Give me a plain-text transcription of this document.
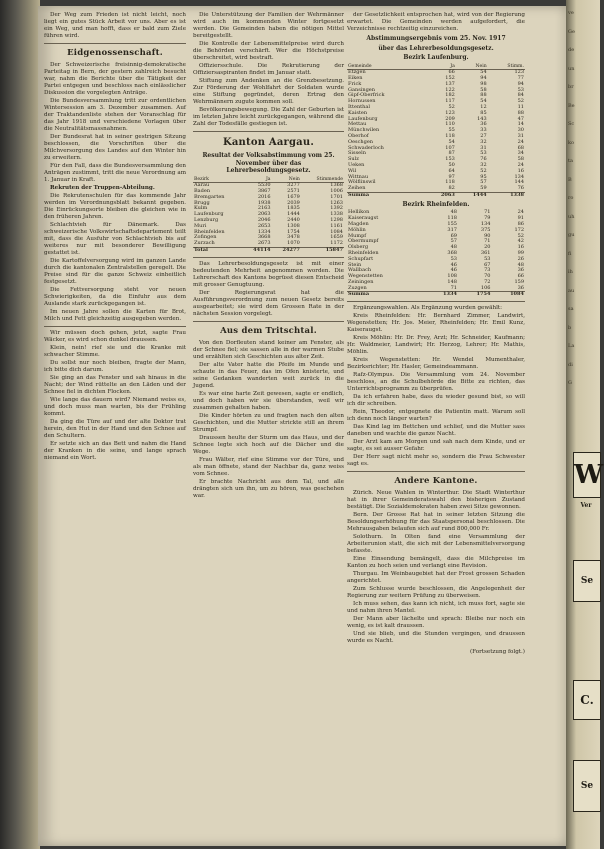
Der Weg zum Frieden ist nicht leicht, noch liegt ein gutes Stück Arbeit vor uns. Aber es ist ein Weg, und man hofft, dass er bald zum Ziele führen wird.

Eidgenossenschaft.

Der Schweizerische freisinnig-demokratische Parteitag in Bern, der gestern zahlreich besucht war, nahm die Berichte über die Tätigkeit der Partei entgegen und beschloss nach einlässlicher Diskussion die vorgelegten Anträge.

Die Bundesversammlung tritt zur ordentlichen Wintersession am 3. Dezember zusammen. Auf der Traktandenliste stehen der Voranschlag für das Jahr 1918 und verschiedene Vorlagen über die Neutralitätsmassnahmen.

Der Bundesrat hat in seiner gestrigen Sitzung beschlossen, die Vorschriften über die Milchversorgung des Landes auf den Winter hin zu erweitern.

Für den Fall, dass die Bundesversammlung den Anträgen zustimmt, tritt die neue Verordnung am 1. Januar in Kraft.

Rekruten der Truppen-Abteilung.

Die Rekrutenschulen für das kommende Jahr werden im Verordnungsblatt bekannt gegeben. Die Einrückungsorte bleiben die gleichen wie in den früheren Jahren.

Schlachtvieh für Dänemark. Das schweizerische Volkswirtschaftsdepartement teilt mit, dass die Ausfuhr von Schlachtvieh bis auf weiteres nur mit besonderer Bewilligung gestattet ist.

Die Kartoffelversorgung wird im ganzen Lande durch die kantonalen Zentralstellen geregelt. Die Preise sind für die ganze Schweiz einheitlich festgesetzt.

Die Fettversorgung steht vor neuen Schwierigkeiten, da die Einfuhr aus dem Auslande stark zurückgegangen ist.

Im neuen Jahre sollen die Karten für Brot, Milch und Fett gleichzeitig ausgegeben werden.

Wir müssen doch gehen, jetzt, sagte Frau Wäcker, es wird schon dunkel draussen.

Klein, nein! rief sie und die Kranke mit schwacher Stimme.

Du sollst nur noch bleiben, fragte der Mann, ich bitte dich darum.

Sie ging an das Fenster und sah hinaus in die Nacht; der Wind rüttelte an den Läden und der Schnee fiel in dichten Flocken.

Wie lange das dauern wird? Niemand weiss es, und doch muss man warten, bis der Frühling kommt.

Da ging die Türe auf und der alte Doktor trat herein, den Hut in der Hand und den Schnee auf den Schultern.

Er setzte sich an das Bett und nahm die Hand der Kranken in die seine, und lange sprach niemand ein Wort.

Die Unterstützung der Familien der Wehrmänner wird auch im kommenden Winter fortgesetzt werden. Die Gemeinden haben die nötigen Mittel bereitgestellt.

Die Kontrolle der Lebensmittelpreise wird durch die Behörden verschärft. Wer die Höchstpreise überschreitet, wird bestraft.

Offiziersschule. Die Rekrutierung der Offiziersaspiranten findet im Januar statt.

Stiftung zum Andenken an die Grenzbesetzung. Zur Förderung der Wohlfahrt der Soldaten wurde eine Stiftung gegründet, deren Ertrag den Wehrmännern zugute kommen soll.

Bevölkerungsbewegung. Die Zahl der Geburten ist im letzten Jahre leicht zurückgegangen, während die Zahl der Todesfälle gestiegen ist.

Kanton Aargau.
Resultat der Volksabstimmung vom 25. November über das Lehrerbesoldungsgesetz.
Bezirk	Ja	Nein	Stimmende
Aarau	5530	3277	1368
Baden	3867	2571	1006
Bremgarten	2016	1679	1701
Brugg	1938	2039	1263
Kulm	2163	1835	1392
Laufenburg	2063	1444	1338
Lenzburg	2046	2440	1298
Muri	2653	1308	1161
Rheinfelden	1334	1754	1084
Zofingen	3668	3478	1659
Zurzach	2673	1070	1172
Total	44114	24277	15847

Das Lehrerbesoldungsgesetz ist mit einer bedeutenden Mehrheit angenommen worden. Die Lehrerschaft des Kantons begrüsst diesen Entscheid mit grosser Genugtuung.

Der Regierungsrat hat die Ausführungsverordnung zum neuen Gesetz bereits ausgearbeitet; sie wird dem Grossen Rate in der nächsten Session vorgelegt.

Aus dem Tritschtal.

Von den Dorfleuten stand keiner am Fenster, als der Schnee fiel; sie sassen alle in der warmen Stube und erzählten sich Geschichten aus alter Zeit.

Der alte Vater hatte die Pfeife im Munde und schaute in das Feuer, das im Ofen knisterte, und seine Gedanken wanderten weit zurück in die Jugend.

Es war eine harte Zeit gewesen, sagte er endlich, und doch haben wir sie überstanden, weil wir zusammen gehalten haben.

Die Kinder hörten zu und fragten nach den alten Geschichten, und die Mutter strickte still an ihrem Strumpf.

Draussen heulte der Sturm um das Haus, und der Schnee legte sich hoch auf die Dächer und die Wege.

Frau Wälter, rief eine Stimme vor der Türe, und als man öffnete, stand der Nachbar da, ganz weiss vom Schnee.

Er brachte Nachricht aus dem Tal, und alle drängten sich um ihn, um zu hören, was geschehen war.

der Gesetzlichkeit entsprochen hat, wird von der Regierung erwartet. Die Gemeinden werden aufgefordert, die Verzeichnisse rechtzeitig einzureichen.

Abstimmungsergebnis vom 25. Nov. 1917
über das Lehrerbesoldungsgesetz.
Bezirk Laufenburg.
Gemeinde	Ja	Nein	Stimm.
Etzgen	66	54	123
Eiken	152	94	77
Frick	137	98	94
Gansingen	122	58	53
Gipf-Oberfrick	182	88	84
Hornussen	117	54	52
Ittenthal	52	12	11
Kaisten	123	85	88
Laufenburg	209	143	47
Mettau	110	36	14
Münchwilen	55	33	30
Oberhof	118	27	31
Oeschgen	54	32	24
Schwaderloch	107	31	68
Sisseln	87	53	34
Sulz	153	76	58
Ueken	50	32	24
Wil	64	52	16
Wittnau	97	95	134
Wölflinswil	118	57	144
Zeihen	82	59	76
Summa	2063	1444	1338
Bezirk Rheinfelden.
Hellikon	48	71	24
Kaiseraugst	118	79	91
Magden	155	134	86
Möhlin	317	375	172
Mumpf	69	90	52
Obermumpf	57	71	42
Olsberg	48	20	16
Rheinfelden	368	361	99
Schupfart	53	53	26
Stein	46	67	48
Wallbach	46	73	36
Wegenstetten	108	70	66
Zeiningen	148	72	159
Zuzgen	71	106	36
Summa	1334	1754	1084

Ergänzungswahlen. Als Ergänzung wurden gewählt:

Kreis Rheinfelden: Hr. Bernhard Zimmer, Landwirt, Wegenstetten; Hr. Jos. Meier, Rheinfelden; Hr. Emil Kunz, Kaiseraugst.

Kreis Möhlin: Hr. Dr. Frey, Arzt; Hr. Schneider, Kaufmann; Hr. Waldmeier, Landwirt; Hr. Herzog, Lehrer; Hr. Mathis, Möhlin.

Kreis Wegenstetten: Hr. Wendel Mumenthaler, Bezirksrichter; Hr. Hasler, Gemeindeammann.

Rafz-Olympus. Die Versammlung vom 24. November beschloss, an die Schulbehörde die Bitte zu richten, das Unterrichtsprogramm zu überprüfen.

Da ich erfahren habe, dass du wieder gesund bist, so will ich dir schreiben.

Rein, Theodor, entgegnete die Patientin matt. Warum soll ich denn noch länger warten?

Das Kind lag im Bettchen und schlief, und die Mutter sass daneben und wachte die ganze Nacht.

Der Arzt kam am Morgen und sah nach dem Kinde, und er sagte, es sei ausser Gefahr.

Der Herr sagt nicht mehr so, sondern die Frau Schwester sagt es.

Andere Kantone.

Zürich. Neue Wahlen in Winterthur. Die Stadt Winterthur hat in ihrer Gemeinderatswahl den bisherigen Zustand bestätigt. Die Sozialdemokraten haben zwei Sitze gewonnen.

Bern. Der Grosse Rat hat in seiner letzten Sitzung die Besoldungserhöhung für das Staatspersonal beschlossen. Die Mehrausgaben belaufen sich auf rund 800,000 Fr.

Solothurn. In Olten fand eine Versammlung der Arbeiterunion statt, die sich mit der Lebensmittelversorgung befasste.

Eine Einsendung bemängelt, dass die Milchpreise im Kanton zu hoch seien und verlangt eine Revision.

Thurgau. Im Weinbaugebiet hat der Frost grossen Schaden angerichtet.

Zum Schlusse wurde beschlossen, die Angelegenheit der Regierung zur weitern Prüfung zu überweisen.

Ich muss sehen, das kann ich nicht, ich muss fort, sagte sie und nahm ihren Mantel.

Der Mann aber lächelte und sprach: Bleibe nur noch ein wenig, es ist kalt draussen.

Und sie blieb, und die Stunden vergingen, und draussen wurde es Nacht.

(Fortsetzung folgt.)
ve
Ge
de
un
br
Be
Sc
ko
ta
B
ro
uh
gu
fi
ih
au
sa
b
La
di
G
W
Ver
Se
C.
Se
